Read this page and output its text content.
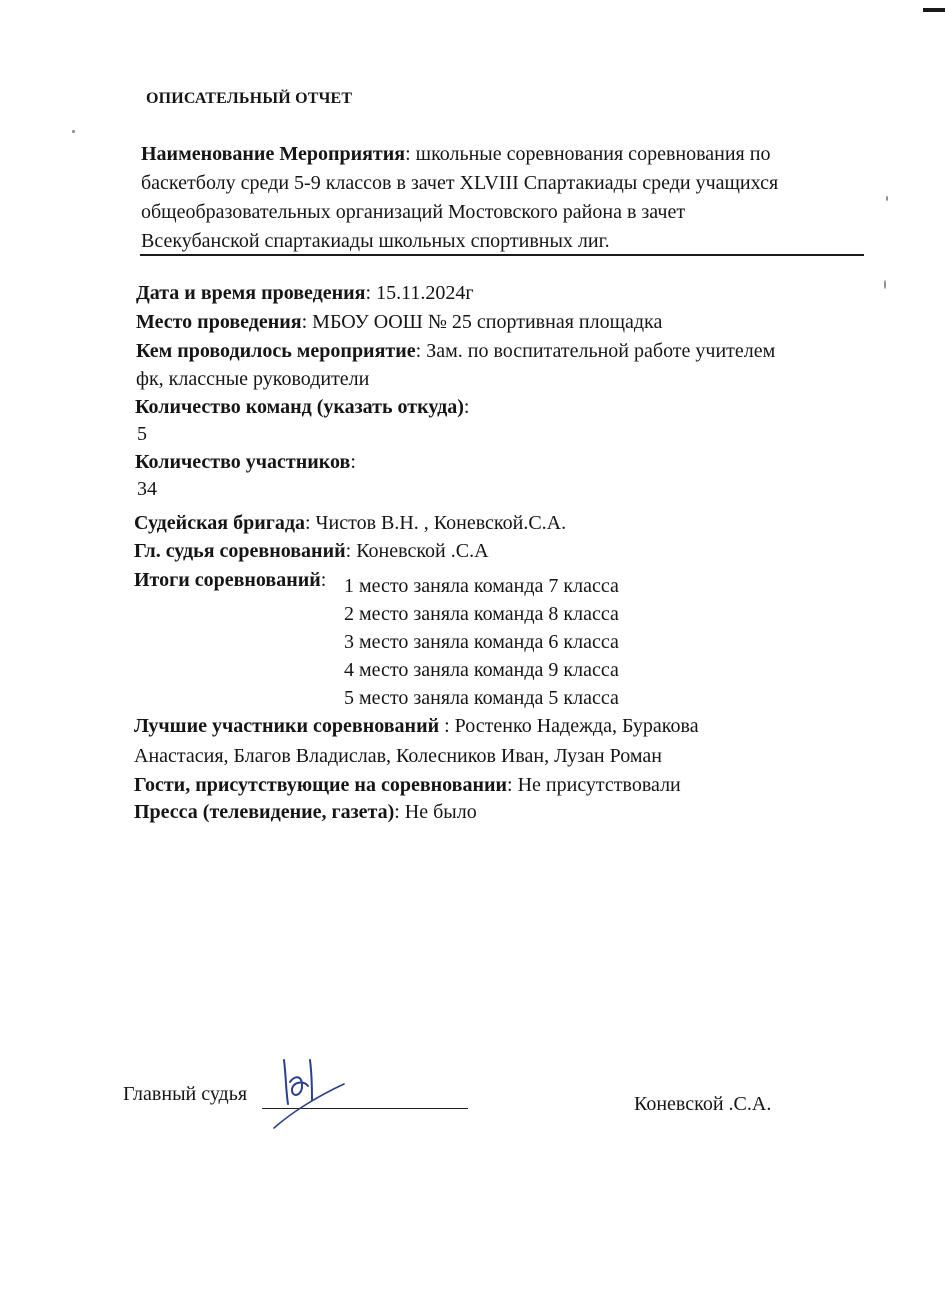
ОПИСАТЕЛЬНЫЙ ОТЧЕТ
Наименование Мероприятия: школьные соревнования соревнования по
баскетболу среди 5-9 классов в зачет XLVIII Спартакиады среди учащихся
общеобразовательных организаций Мостовского района в зачет
Всекубанской спартакиады школьных спортивных лиг.
Дата и время проведения: 15.11.2024г
Место проведения: МБОУ ООШ № 25 спортивная площадка
Кем проводилось мероприятие: Зам. по воспитательной работе учителем
фк, классные руководители
Количество команд (указать откуда):
5
Количество участников:
34
Судейская бригада: Чистов В.Н. , Коневской.С.А.
Гл. судья соревнований: Коневской .С.А
Итоги соревнований: 1 место заняла команда 7 класса
2 место заняла команда 8 класса
3 место заняла команда 6 класса
4 место заняла команда 9 класса
5 место заняла команда 5 класса
Лучшие участники соревнований : Ростенко Надежда, Буракова
Анастасия, Благов Владислав, Колесников Иван, Лузан Роман
Гости, присутствующие на соревновании: Не присутствовали
Пресса (телевидение, газета): Не было
Главный судья	Коневской .С.А.
